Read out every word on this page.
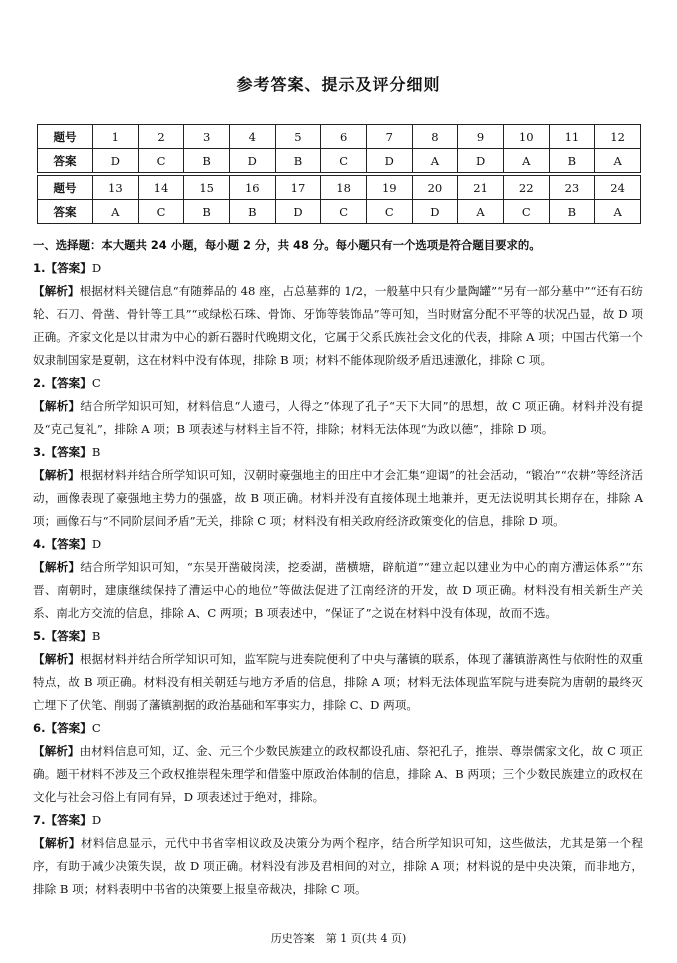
参考答案、提示及评分细则
题号	1	2	3	4	5	6	7	8	9	10	11	12
答案	D	C	B	D	B	C	D	A	D	A	B	A

题号	13	14	15	16	17	18	19	20	21	22	23	24
答案	A	C	B	B	D	C	C	D	A	C	B	A

一、选择题：本大题共 24 小题，每小题 2 分，共 48 分。每小题只有一个选项是符合题目要求的。

1.【答案】D

【解析】根据材料关键信息“有随葬品的 48 座，占总墓葬的 1/2，一般墓中只有少量陶罐”“另有一部分墓中”“还有石纺轮、石刀、骨凿、骨针等工具”“或绿松石珠、骨饰、牙饰等装饰品”等可知，当时财富分配不平等的状况凸显，故 D 项正确。齐家文化是以甘肃为中心的新石器时代晚期文化，它属于父系氏族社会文化的代表，排除 A 项；中国古代第一个奴隶制国家是夏朝，这在材料中没有体现，排除 B 项；材料不能体现阶级矛盾迅速激化，排除 C 项。

2.【答案】C

【解析】结合所学知识可知，材料信息“人遗弓，人得之”体现了孔子“天下大同”的思想，故 C 项正确。材料并没有提及“克己复礼”，排除 A 项；B 项表述与材料主旨不符，排除；材料无法体现“为政以德”，排除 D 项。

3.【答案】B

【解析】根据材料并结合所学知识可知，汉朝时豪强地主的田庄中才会汇集“迎谒”的社会活动，“锻冶”“农耕”等经济活动，画像表现了豪强地主势力的强盛，故 B 项正确。材料并没有直接体现土地兼并，更无法说明其长期存在，排除 A 项；画像石与“不同阶层间矛盾”无关，排除 C 项；材料没有相关政府经济政策变化的信息，排除 D 项。

4.【答案】D

【解析】结合所学知识可知，“东吴开凿破岗渎，挖委湖，凿横塘，辟航道”“建立起以建业为中心的南方漕运体系”“东晋、南朝时，建康继续保持了漕运中心的地位”等做法促进了江南经济的开发，故 D 项正确。材料没有相关新生产关系、南北方交流的信息，排除 A、C 两项；B 项表述中，“保证了”之说在材料中没有体现，故而不选。

5.【答案】B

【解析】根据材料并结合所学知识可知，监军院与进奏院便利了中央与藩镇的联系，体现了藩镇游离性与依附性的双重特点，故 B 项正确。材料没有相关朝廷与地方矛盾的信息，排除 A 项；材料无法体现监军院与进奏院为唐朝的最终灭亡埋下了伏笔、削弱了藩镇割据的政治基础和军事实力，排除 C、D 两项。

6.【答案】C

【解析】由材料信息可知，辽、金、元三个少数民族建立的政权都设孔庙、祭祀孔子，推崇、尊崇儒家文化，故 C 项正确。题干材料不涉及三个政权推崇程朱理学和借鉴中原政治体制的信息，排除 A、B 两项；三个少数民族建立的政权在文化与社会习俗上有同有异，D 项表述过于绝对，排除。

7.【答案】D

【解析】材料信息显示，元代中书省宰相议政及决策分为两个程序，结合所学知识可知，这些做法，尤其是第一个程序，有助于减少决策失误，故 D 项正确。材料没有涉及君相间的对立，排除 A 项；材料说的是中央决策，而非地方，排除 B 项；材料表明中书省的决策要上报皇帝裁决，排除 C 项。

历史答案　第 1 页(共 4 页)
